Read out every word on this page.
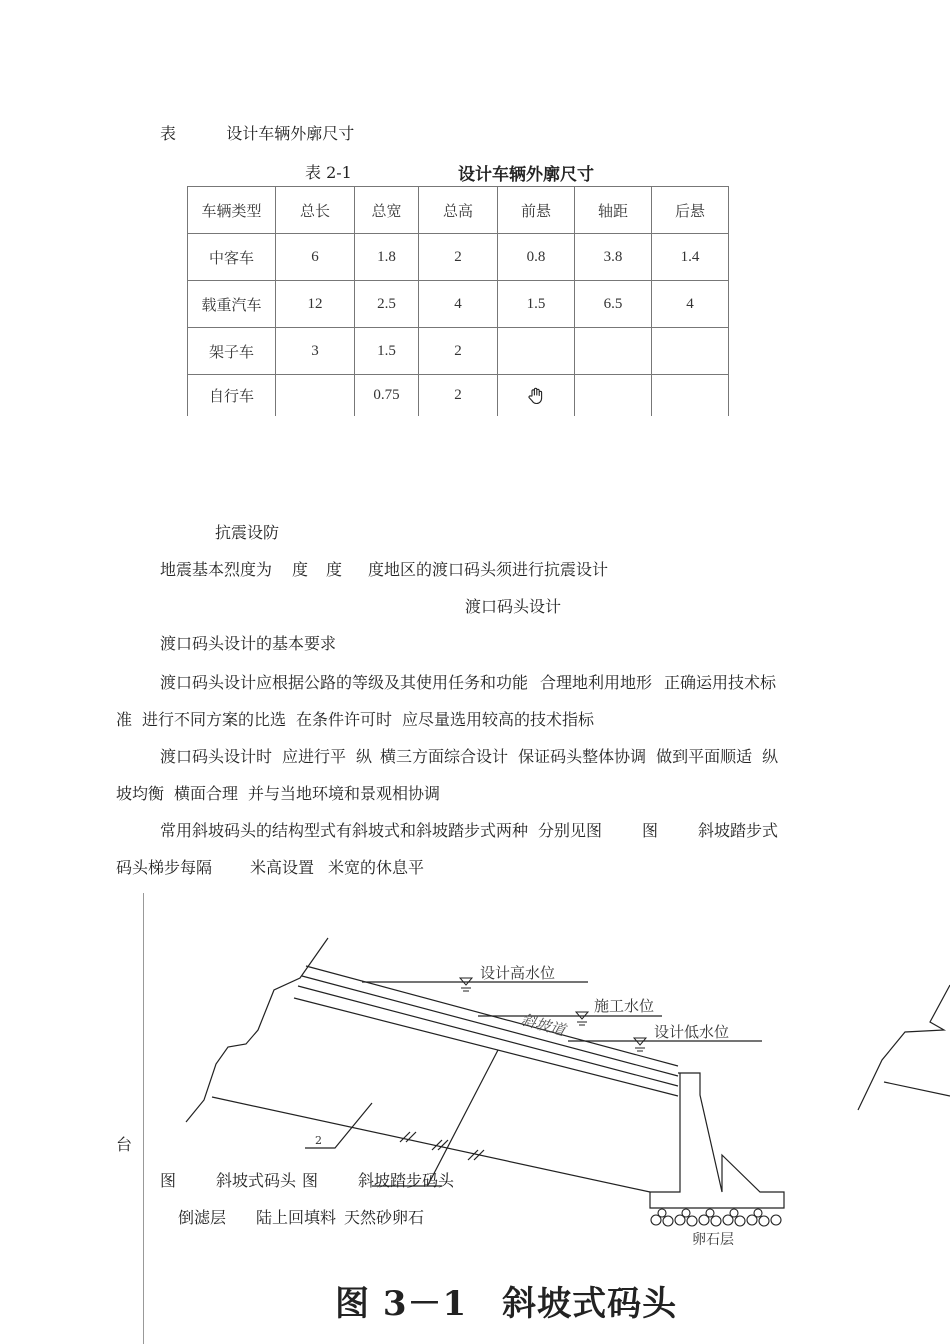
表	设计车辆外廓尺寸
表 2-1	设计车辆外廓尺寸
车辆类型	总长	总宽	总高	前悬	轴距	后悬
中客车	6	1.8	2	0.8	3.8	1.4
载重汽车	12	2.5	4	1.5	6.5	4
架子车	3	1.5	2			
自行车		0.75	2			
抗震设防
地震基本烈度为 度 度 度地区的渡口码头须进行抗震设计
渡口码头设计
渡口码头设计的基本要求
渡口码头设计应根据公路的等级及其使用任务和功能 合理地利用地形 正确运用技术标
准 进行不同方案的比选 在条件许可时 应尽量选用较高的技术指标
渡口码头设计时 应进行平 纵 横三方面综合设计 保证码头整体协调 做到平面顺适 纵
坡均衡 横面合理 并与当地环境和景观相协调
常用斜坡码头的结构型式有斜坡式和斜坡踏步式两种 分别见图	图	斜坡踏步式
码头梯步每隔 米高设置 米宽的休息平
设计高水位
施工水位
设计低水位
斜坡道
2
卵石层
台
图	斜坡式码头 图	斜坡踏步码头
倒滤层 陆上回填料 天然砂卵石
图 3－1　斜坡式码头
